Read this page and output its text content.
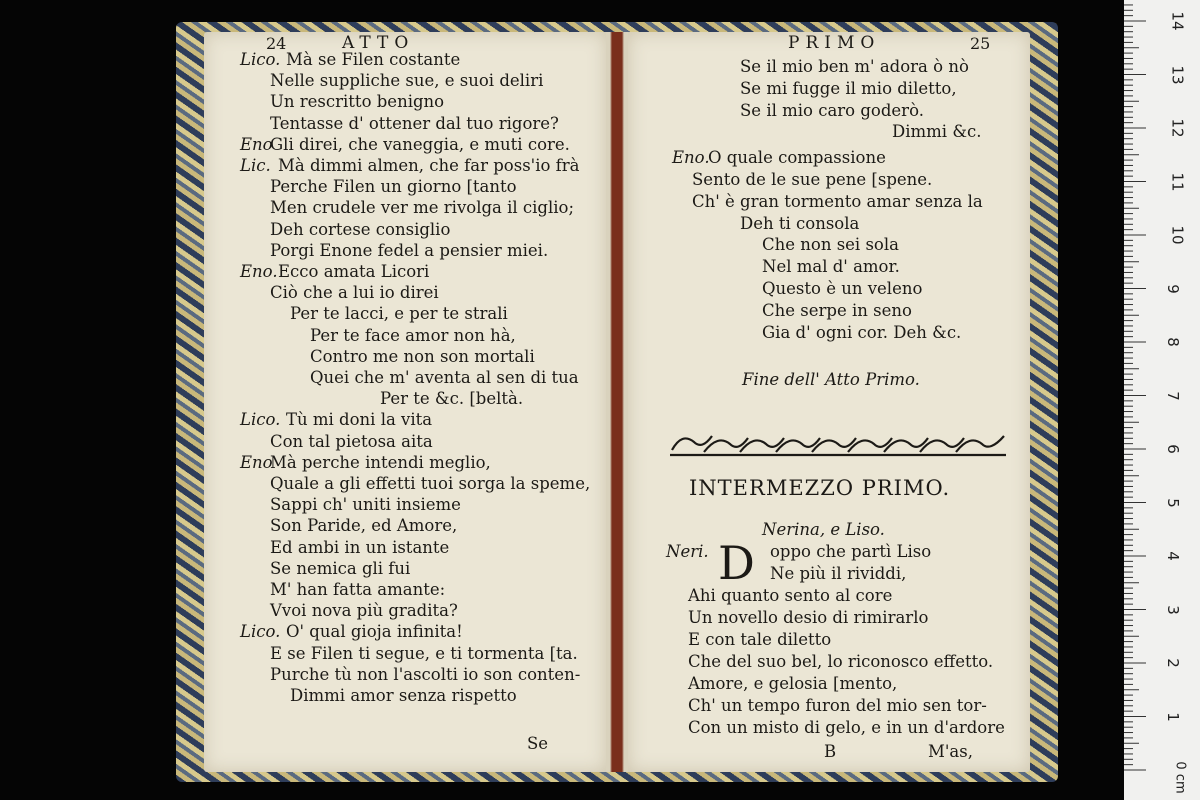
24	ATTO
Lico. Mà se Filen costante
Nelle suppliche sue, e suoi deliri
Un rescritto benigno
Tentasse d' ottener dal tuo rigore?
Eno
Gli direi, che vaneggia, e muti core.
Lic. Mà dimmi almen, che far poss'io frà
Perche Filen un giorno [tanto
Men crudele ver me rivolga il ciglio;
Deh cortese consiglio
Porgi Enone fedel a pensier miei.
Eno. Ecco amata Licori
Ciò che a lui io direi
Per te lacci, e per te strali
Per te face amor non hà,
Contro me non son mortali
Quei che m' aventa al sen di tua
Per te &c. [beltà.
Lico. Tù mi doni la vita
Con tal pietosa aita
Eno
Mà perche intendi meglio,
Quale a gli effetti tuoi sorga la speme,
Sappi ch' uniti insieme
Son Paride, ed Amore,
Ed ambi in un istante
Se nemica gli fui
M' han fatta amante:
Vvoi nova più gradita?
Lico. O' qual gioja infinita!
E se Filen ti segue, e ti tormenta [ta.
Purche tù non l'ascolti io son conten-
Dimmi amor senza rispetto
Se
PRIMO	25
Se il mio ben m' adora ò nò
Se mi fugge il mio diletto,
Se il mio caro goderò.
Dimmi &c.
Eno.
O quale compassione
Sento de le sue pene [spene.
Ch' è gran tormento amar senza la
Deh ti consola
Che non sei sola
Nel mal d' amor.
Questo è un veleno
Che serpe in seno
Gia d' ogni cor. Deh &c.
Fine dell' Atto Primo.
INTERMEZZO PRIMO.
Nerina, e Liso.
Neri. D oppo che partì Liso
Ne più il rividdi,
Ahi quanto sento al core
Un novello desio di rimirarlo
E con tale diletto
Che del suo bel, lo riconosco effetto.
Amore, e gelosia [mento,
Ch' un tempo furon del mio sen tor-
Con un misto di gelo, e in un d'ardore
B	M'as,
1
2
3
4
5
6
7
8
9
10
11
12
13
14
0 cm
